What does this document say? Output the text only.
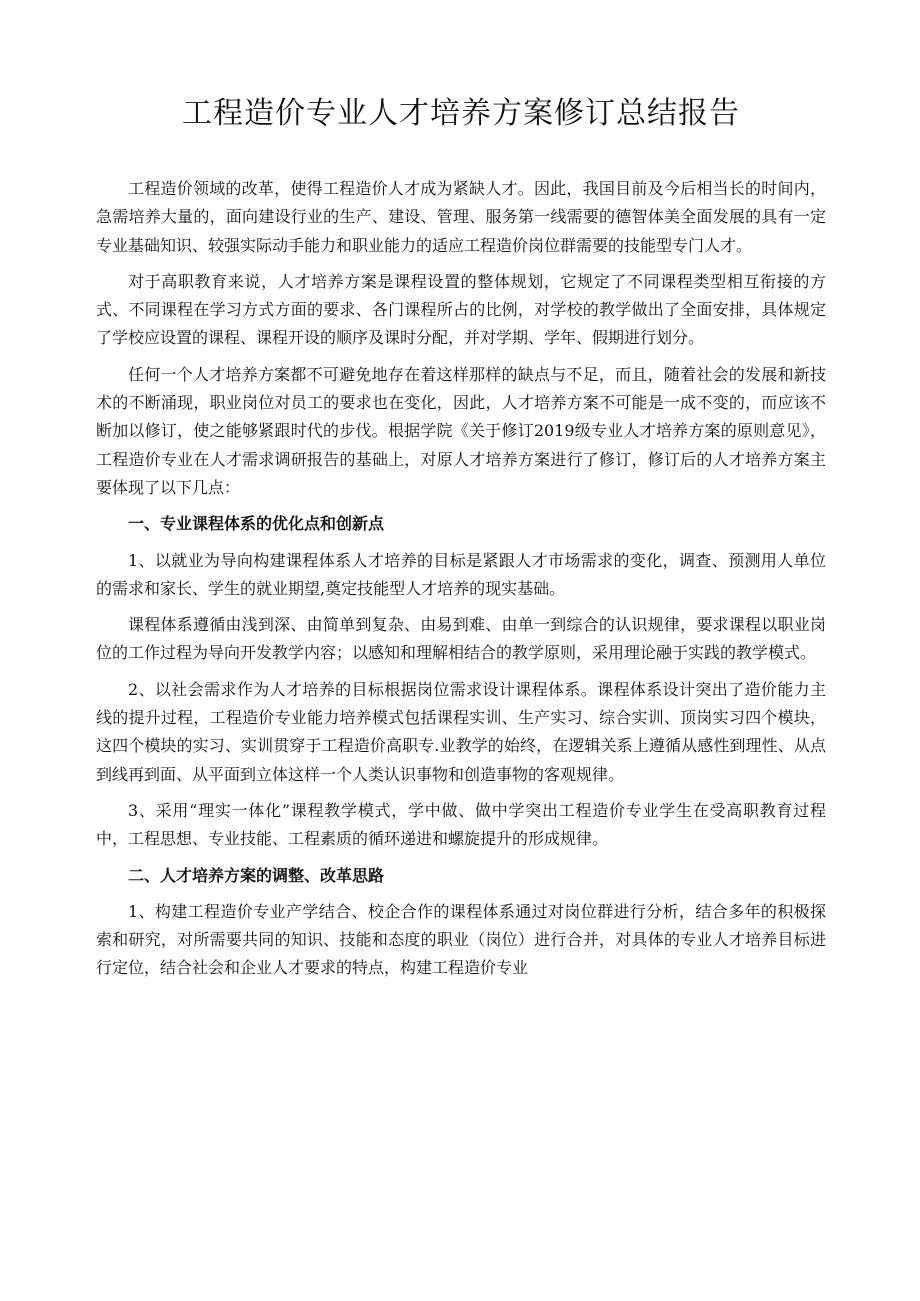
工程造价专业人才培养方案修订总结报告

工程造价领域的改革，使得工程造价人才成为紧缺人才。因此，我国目前及今后相当长的时间内，急需培养大量的，面向建设行业的生产、建设、管理、服务第一线需要的德智体美全面发展的具有一定专业基础知识、较强实际动手能力和职业能力的适应工程造价岗位群需要的技能型专门人才。

对于高职教育来说，人才培养方案是课程设置的整体规划，它规定了不同课程类型相互衔接的方式、不同课程在学习方式方面的要求、各门课程所占的比例，对学校的教学做出了全面安排，具体规定了学校应设置的课程、课程开设的顺序及课时分配，并对学期、学年、假期进行划分。

任何一个人才培养方案都不可避免地存在着这样那样的缺点与不足，而且，随着社会的发展和新技术的不断涌现，职业岗位对员工的要求也在变化，因此，人才培养方案不可能是一成不变的，而应该不断加以修订，使之能够紧跟时代的步伐。根据学院《关于修订2019级专业人才培养方案的原则意见》，工程造价专业在人才需求调研报告的基础上，对原人才培养方案进行了修订，修订后的人才培养方案主要体现了以下几点：

一、专业课程体系的优化点和创新点

1、以就业为导向构建课程体系人才培养的目标是紧跟人才市场需求的变化，调查、预测用人单位的需求和家长、学生的就业期望,奠定技能型人才培养的现实基础。

课程体系遵循由浅到深、由简单到复杂、由易到难、由单一到综合的认识规律，要求课程以职业岗位的工作过程为导向开发教学内容；以感知和理解相结合的教学原则，采用理论融于实践的教学模式。

2、以社会需求作为人才培养的目标根据岗位需求设计课程体系。课程体系设计突出了造价能力主线的提升过程，工程造价专业能力培养模式包括课程实训、生产实习、综合实训、顶岗实习四个模块，这四个模块的实习、实训贯穿于工程造价高职专.业教学的始终，在逻辑关系上遵循从感性到理性、从点到线再到面、从平面到立体这样一个人类认识事物和创造事物的客观规律。

3、采用“理实一体化”课程教学模式，学中做、做中学突出工程造价专业学生在受高职教育过程中，工程思想、专业技能、工程素质的循环递进和螺旋提升的形成规律。

二、人才培养方案的调整、改革思路

1、构建工程造价专业产学结合、校企合作的课程体系通过对岗位群进行分析，结合多年的积极探索和研究，对所需要共同的知识、技能和态度的职业（岗位）进行合并，对具体的专业人才培养目标进行定位，结合社会和企业人才要求的特点，构建工程造价专业
